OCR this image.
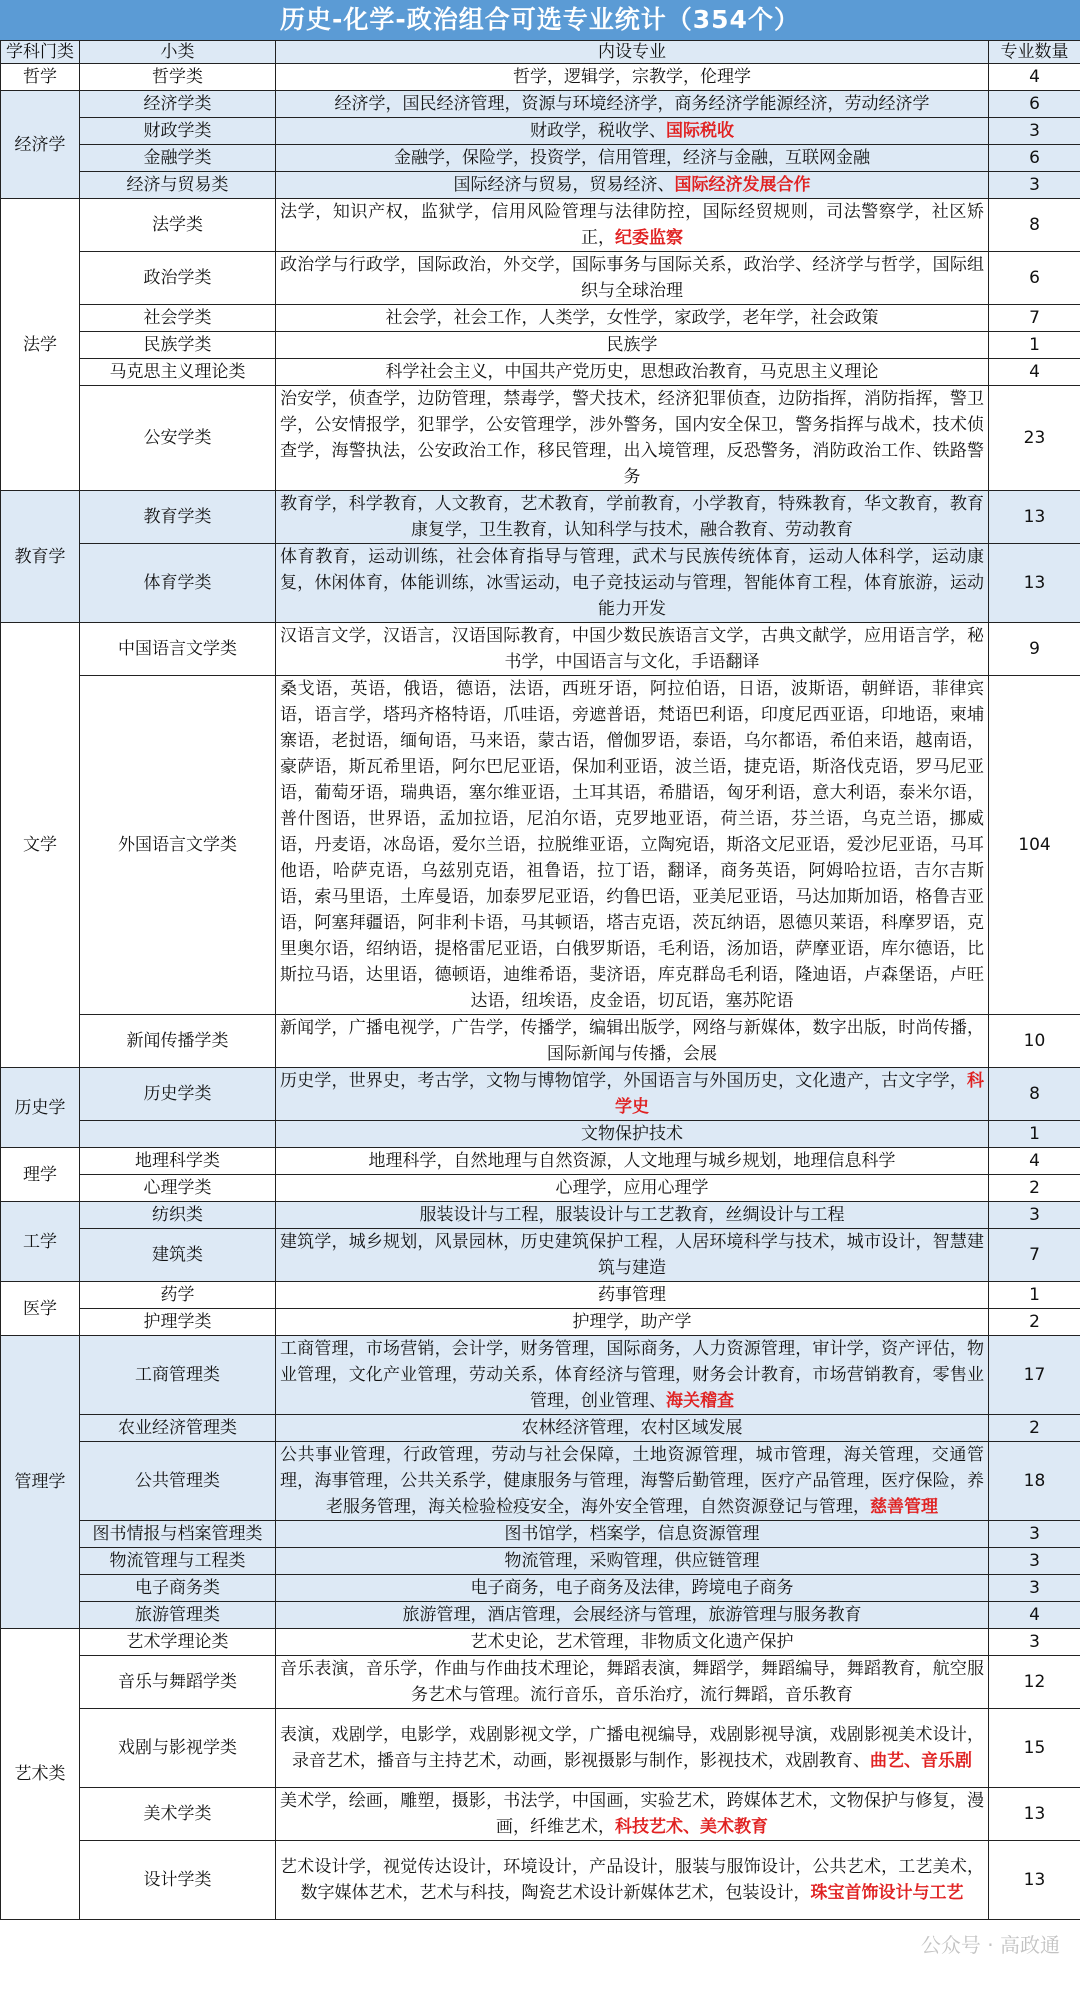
历史-化学-政治组合可选专业统计（354个）
学科门类	小类	内设专业	专业数量
哲学	哲学类	哲学，逻辑学，宗教学，伦理学	4
经济学	经济学类	经济学，国民经济管理，资源与环境经济学，商务经济学能源经济，劳动经济学	6
	财政学类	财政学，税收学、国际税收	3
	金融学类	金融学，保险学，投资学，信用管理，经济与金融，互联网金融	6
	经济与贸易类	国际经济与贸易，贸易经济、国际经济发展合作	3
法学	法学类	法学，知识产权，监狱学，信用风险管理与法律防控，国际经贸规则，司法警察学，社区矫正，纪委监察	8
	政治学类	政治学与行政学，国际政治，外交学，国际事务与国际关系，政治学、经济学与哲学，国际组织与全球治理	6
	社会学类	社会学，社会工作，人类学，女性学，家政学，老年学，社会政策	7
	民族学类	民族学	1
	马克思主义理论类	科学社会主义，中国共产党历史，思想政治教育，马克思主义理论	4
	公安学类	治安学，侦查学，边防管理，禁毒学，警犬技术，经济犯罪侦查，边防指挥，消防指挥，警卫学，公安情报学，犯罪学，公安管理学，涉外警务，国内安全保卫，警务指挥与战术，技术侦查学，海警执法，公安政治工作，移民管理，出入境管理，反恐警务，消防政治工作、铁路警务	23
教育学	教育学类	教育学，科学教育，人文教育，艺术教育，学前教育，小学教育，特殊教育，华文教育，教育康复学，卫生教育，认知科学与技术，融合教育、劳动教育	13
	体育学类	体育教育，运动训练，社会体育指导与管理，武术与民族传统体育，运动人体科学，运动康复，休闲体育，体能训练，冰雪运动，电子竞技运动与管理，智能体育工程，体育旅游，运动能力开发	13
文学	中国语言文学类	汉语言文学，汉语言，汉语国际教育，中国少数民族语言文学，古典文献学，应用语言学，秘书学，中国语言与文化，手语翻译	9
	外国语言文学类	桑戈语，英语，俄语，德语，法语，西班牙语，阿拉伯语，日语，波斯语，朝鲜语，菲律宾语，语言学，塔玛齐格特语，爪哇语，旁遮普语，梵语巴利语，印度尼西亚语，印地语，柬埔寨语，老挝语，缅甸语，马来语，蒙古语，僧伽罗语，泰语，乌尔都语，希伯来语，越南语，豪萨语，斯瓦希里语，阿尔巴尼亚语，保加利亚语，波兰语，捷克语，斯洛伐克语，罗马尼亚语，葡萄牙语，瑞典语，塞尔维亚语，土耳其语，希腊语，匈牙利语，意大利语，泰米尔语，普什图语，世界语，孟加拉语，尼泊尔语，克罗地亚语，荷兰语，芬兰语，乌克兰语，挪威语，丹麦语，冰岛语，爱尔兰语，拉脱维亚语，立陶宛语，斯洛文尼亚语，爱沙尼亚语，马耳他语，哈萨克语，乌兹别克语，祖鲁语，拉丁语，翻译，商务英语，阿姆哈拉语，吉尔吉斯语，索马里语，土库曼语，加泰罗尼亚语，约鲁巴语，亚美尼亚语，马达加斯加语，格鲁吉亚语，阿塞拜疆语，阿非利卡语，马其顿语，塔吉克语，茨瓦纳语，恩德贝莱语，科摩罗语，克里奥尔语，绍纳语，提格雷尼亚语，白俄罗斯语，毛利语，汤加语，萨摩亚语，库尔德语，比斯拉马语，达里语，德顿语，迪维希语，斐济语，库克群岛毛利语，隆迪语，卢森堡语，卢旺达语，纽埃语，皮金语，切瓦语，塞苏陀语	104
	新闻传播学类	新闻学，广播电视学，广告学，传播学，编辑出版学，网络与新媒体，数字出版，时尚传播，国际新闻与传播，会展	10
历史学	历史学类	历史学，世界史，考古学，文物与博物馆学，外国语言与外国历史，文化遗产，古文字学，科学史	8
		文物保护技术	1
理学	地理科学类	地理科学，自然地理与自然资源，人文地理与城乡规划，地理信息科学	4
	心理学类	心理学，应用心理学	2
工学	纺织类	服装设计与工程，服装设计与工艺教育，丝绸设计与工程	3
	建筑类	建筑学，城乡规划，风景园林，历史建筑保护工程，人居环境科学与技术，城市设计，智慧建筑与建造	7
医学	药学	药事管理	1
	护理学类	护理学，助产学	2
管理学	工商管理类	工商管理，市场营销，会计学，财务管理，国际商务，人力资源管理，审计学，资产评估，物业管理，文化产业管理，劳动关系，体育经济与管理，财务会计教育，市场营销教育，零售业管理，创业管理、海关稽查	17
	农业经济管理类	农林经济管理，农村区域发展	2
	公共管理类	公共事业管理，行政管理，劳动与社会保障，土地资源管理，城市管理，海关管理，交通管理，海事管理，公共关系学，健康服务与管理，海警后勤管理，医疗产品管理，医疗保险，养老服务管理，海关检验检疫安全，海外安全管理，自然资源登记与管理，慈善管理	18
	图书情报与档案管理类	图书馆学，档案学，信息资源管理	3
	物流管理与工程类	物流管理，采购管理，供应链管理	3
	电子商务类	电子商务，电子商务及法律，跨境电子商务	3
	旅游管理类	旅游管理，酒店管理，会展经济与管理，旅游管理与服务教育	4
艺术类	艺术学理论类	艺术史论，艺术管理，非物质文化遗产保护	3
	音乐与舞蹈学类	音乐表演，音乐学，作曲与作曲技术理论，舞蹈表演，舞蹈学，舞蹈编导，舞蹈教育，航空服务艺术与管理。流行音乐，音乐治疗，流行舞蹈，音乐教育	12
	戏剧与影视学类	表演，戏剧学，电影学，戏剧影视文学，广播电视编导，戏剧影视导演，戏剧影视美术设计，录音艺术，播音与主持艺术，动画，影视摄影与制作，影视技术，戏剧教育、曲艺、音乐剧	15
	美术学类	美术学，绘画，雕塑，摄影，书法学，中国画，实验艺术，跨媒体艺术，文物保护与修复，漫画，纤维艺术，科技艺术、美术教育	13
	设计学类	艺术设计学，视觉传达设计，环境设计，产品设计，服装与服饰设计，公共艺术，工艺美术，数字媒体艺术，艺术与科技，陶瓷艺术设计新媒体艺术，包装设计，珠宝首饰设计与工艺	13
公众号 · 高政通
